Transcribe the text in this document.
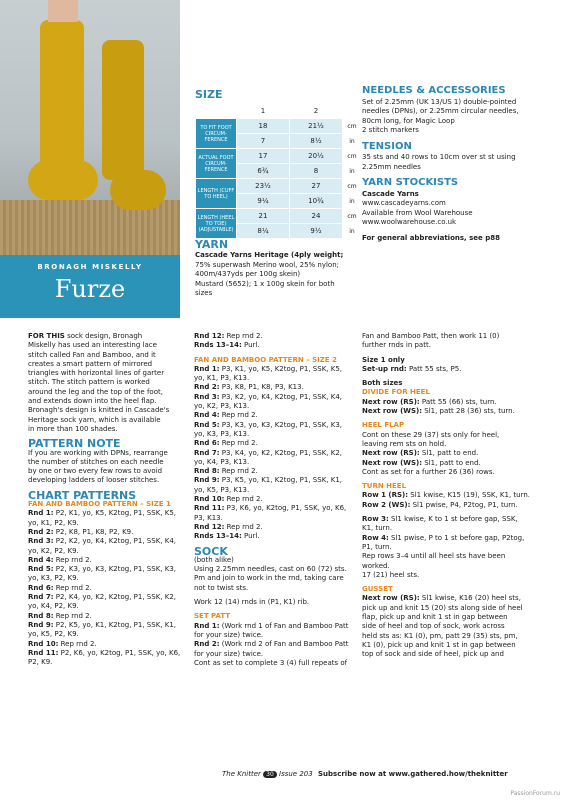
BRONAGH MISKELLY
Furze
SIZE
	1	2	
TO FIT FOOT CIRCUM-FERENCE	18	21½	cm
	7	8½	in
ACTUAL FOOT CIRCUM-FERENCE	17	20½	cm
	6¾	8	in
LENGTH (CUFF TO HEEL)	23½	27	cm
	9¼	10¾	in
LENGTH (HEEL TO TOE) (ADJUSTABLE)	21	24	cm
	8¼	9½	in
YARN
Cascade Yarns Heritage (4ply weight;
75% superwash Merino wool, 25% nylon;
400m/437yds per 100g skein)
Mustard (5652); 1 x 100g skein for both sizes
NEEDLES & ACCESSORIES
Set of 2.25mm (UK 13/US 1) double-pointed
needles (DPNs), or 2.25mm circular needles,
80cm long, for Magic Loop
2 stitch markers
TENSION
35 sts and 40 rows to 10cm over st st using
2.25mm needles
YARN STOCKISTS
Cascade Yarns
www.cascadeyarns.com
Available from Wool Warehouse
www.woolwarehouse.co.uk
For general abbreviations, see p88

FOR THIS sock design, Bronagh

Miskelly has used an interesting lace

stitch called Fan and Bamboo, and it

creates a smart pattern of mirrored

triangles with horizontal lines of garter

stitch. The stitch pattern is worked

around the leg and the top of the foot,

and extends down into the heel flap.

Bronagh's design is knitted in Cascade's

Heritage sock yarn, which is available

in more than 100 shades.

PATTERN NOTE

If you are working with DPNs, rearrange

the number of stitches on each needle

by one or two every few rows to avoid

developing ladders of looser stitches.

CHART PATTERNS
FAN AND BAMBOO PATTERN – SIZE 1

Rnd 1: P2, K1, yo, K5, K2tog, P1, SSK, K5,

yo, K1, P2, K9.

Rnd 2: P2, K8, P1, K8, P2, K9.

Rnd 3: P2, K2, yo, K4, K2tog, P1, SSK, K4,

yo, K2, P2, K9.

Rnd 4: Rep rnd 2.

Rnd 5: P2, K3, yo, K3, K2tog, P1, SSK, K3,

yo, K3, P2, K9.

Rnd 6: Rep rnd 2.

Rnd 7: P2, K4, yo, K2, K2tog, P1, SSK, K2,

yo, K4, P2, K9.

Rnd 8: Rep rnd 2.

Rnd 9: P2, K5, yo, K1, K2tog, P1, SSK, K1,

yo, K5, P2, K9.

Rnd 10: Rep rnd 2.

Rnd 11: P2, K6, yo, K2tog, P1, SSK, yo, K6,

P2, K9.

Rnd 12: Rep rnd 2.

Rnds 13–14: Purl.

FAN AND BAMBOO PATTERN – SIZE 2

Rnd 1: P3, K1, yo, K5, K2tog, P1, SSK, K5,

yo, K1, P3, K13.

Rnd 2: P3, K8, P1, K8, P3, K13.

Rnd 3: P3, K2, yo, K4, K2tog, P1, SSK, K4,

yo, K2, P3, K13.

Rnd 4: Rep rnd 2.

Rnd 5: P3, K3, yo, K3, K2tog, P1, SSK, K3,

yo, K3, P3, K13.

Rnd 6: Rep rnd 2.

Rnd 7: P3, K4, yo, K2, K2tog, P1, SSK, K2,

yo, K4, P3, K13.

Rnd 8: Rep rnd 2.

Rnd 9: P3, K5, yo, K1, K2tog, P1, SSK, K1,

yo, K5, P3, K13.

Rnd 10: Rep rnd 2.

Rnd 11: P3, K6, yo, K2tog, P1, SSK, yo, K6,

P3, K13.

Rnd 12: Rep rnd 2.

Rnds 13–14: Purl.

SOCK
(both alike)

Using 2.25mm needles, cast on 60 (72) sts.

Pm and join to work in the rnd, taking care

not to twist sts.

Work 12 (14) rnds in (P1, K1) rib.
SET PATT

Rnd 1: (Work rnd 1 of Fan and Bamboo Patt

for your size) twice.

Rnd 2: (Work rnd 2 of Fan and Bamboo Patt

for your size) twice.

Cont as set to complete 3 (4) full repeats of

Fan and Bamboo Patt, then work 11 (0)

further rnds in patt.

Size 1 only

Set-up rnd: Patt 55 sts, P5.

Both sizes
DIVIDE FOR HEEL

Next row (RS): Patt 55 (66) sts, turn.

Next row (WS): Sl1, patt 28 (36) sts, turn.

HEEL FLAP

Cont on these 29 (37) sts only for heel,

leaving rem sts on hold.

Next row (RS): Sl1, patt to end.

Next row (WS): Sl1, patt to end.

Cont as set for a further 26 (36) rows.

TURN HEEL

Row 1 (RS): Sl1 kwise, K15 (19), SSK, K1, turn.

Row 2 (WS): Sl1 pwise, P4, P2tog, P1, turn.

Row 3: Sl1 kwise, K to 1 st before gap, SSK,

K1, turn.

Row 4: Sl1 pwise, P to 1 st before gap, P2tog,

P1, turn.

Rep rows 3–4 until all heel sts have been

worked.

17 (21) heel sts.

GUSSET

Next row (RS): Sl1 kwise, K16 (20) heel sts,

pick up and knit 15 (20) sts along side of heel

flap, pick up and knit 1 st in gap between

side of heel and top of sock, work across

held sts as: K1 (0), pm, patt 29 (35) sts, pm,

K1 (0), pick up and knit 1 st in gap between

top of sock and side of heel, pick up and

The Knitter 30 Issue 203 Subscribe now at www.gathered.how/theknitter
PassionForum.ru
